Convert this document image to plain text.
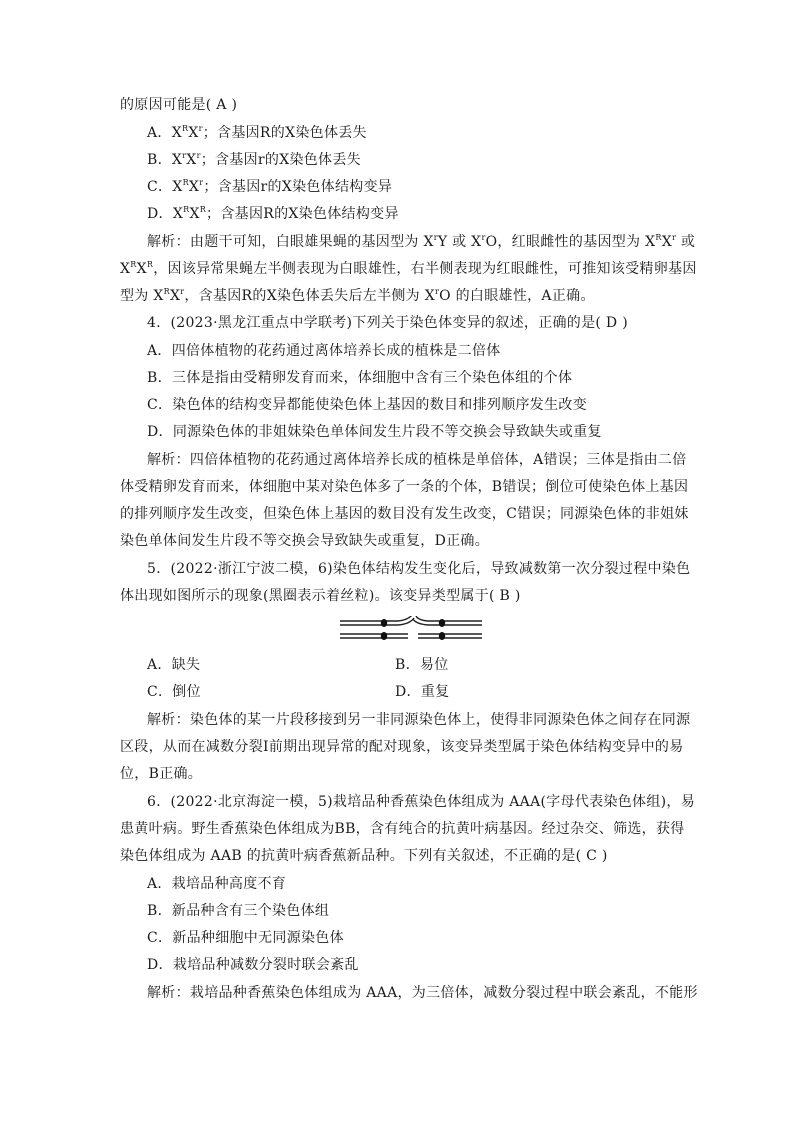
的原因可能是( A )
A．$X^RX^r$；含基因R的X染色体丢失
B．$X^rX^r$；含基因r的X染色体丢失
C．$X^RX^r$；含基因r的X染色体结构变异
D．$X^RX^R$；含基因R的X染色体结构变异
解析：由题干可知，白眼雄果蝇的基因型为 $X^rY$ 或 $X^rO$，红眼雌性的基因型为 $X^RX^r$ 或
$X^RX^R$，因该异常果蝇左半侧表现为白眼雄性，右半侧表现为红眼雌性，可推知该受精卵基因
型为 $X^RX^r$，含基因R的X染色体丢失后左半侧为 $X^rO$ 的白眼雄性，A正确。
4．(2023·黑龙江重点中学联考)下列关于染色体变异的叙述，正确的是( D )
A．四倍体植物的花药通过离体培养长成的植株是二倍体
B．三体是指由受精卵发育而来，体细胞中含有三个染色体组的个体
C．染色体的结构变异都能使染色体上基因的数目和排列顺序发生改变
D．同源染色体的非姐妹染色单体间发生片段不等交换会导致缺失或重复
解析：四倍体植物的花药通过离体培养长成的植株是单倍体，A错误；三体是指由二倍
体受精卵发育而来，体细胞中某对染色体多了一条的个体，B错误；倒位可使染色体上基因
的排列顺序发生改变，但染色体上基因的数目没有发生改变，C错误；同源染色体的非姐妹
染色单体间发生片段不等交换会导致缺失或重复，D正确。
5．(2022·浙江宁波二模，6)染色体结构发生变化后，导致减数第一次分裂过程中染色
体出现如图所示的现象(黑圈表示着丝粒)。该变异类型属于( B )
A．缺失	B．易位
C．倒位	D．重复
解析：染色体的某一片段移接到另一非同源染色体上，使得非同源染色体之间存在同源
区段，从而在减数分裂Ⅰ前期出现异常的配对现象，该变异类型属于染色体结构变异中的易
位，B正确。
6．(2022·北京海淀一模，5)栽培品种香蕉染色体组成为 AAA(字母代表染色体组)，易
患黄叶病。野生香蕉染色体组成为BB，含有纯合的抗黄叶病基因。经过杂交、筛选，获得
染色体组成为 AAB 的抗黄叶病香蕉新品种。下列有关叙述，不正确的是( C )
A．栽培品种高度不育
B．新品种含有三个染色体组
C．新品种细胞中无同源染色体
D．栽培品种减数分裂时联会紊乱
解析：栽培品种香蕉染色体组成为 AAA，为三倍体，减数分裂过程中联会紊乱，不能形
